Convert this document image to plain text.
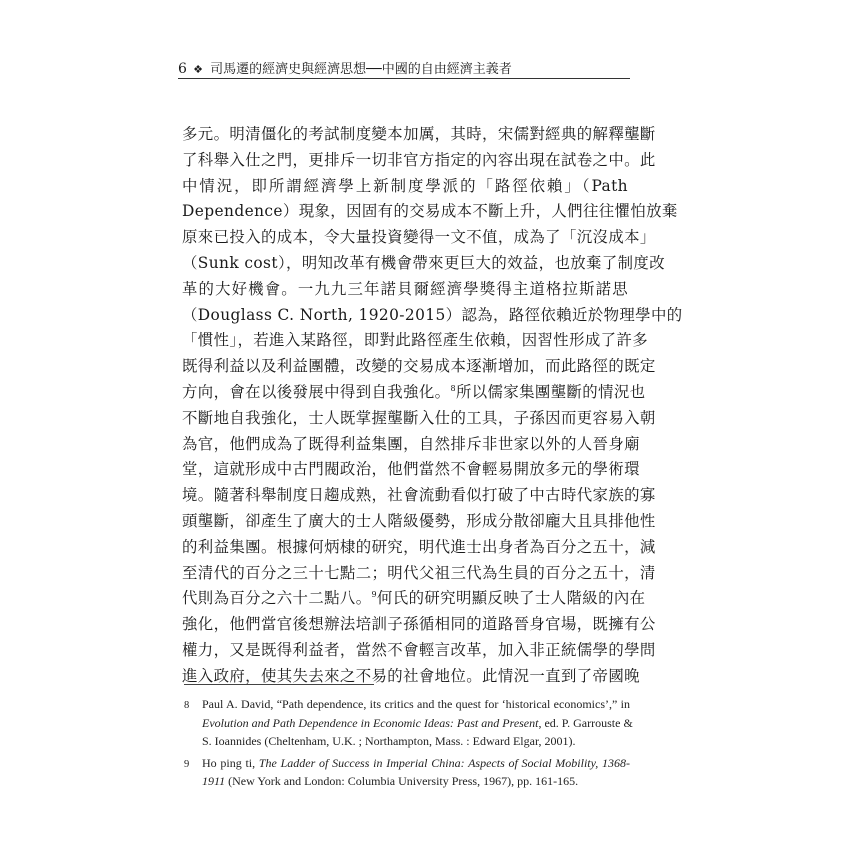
6 ❖ 司馬遷的經濟史與經濟思想──中國的自由經濟主義者
多元。明清僵化的考試制度變本加厲，其時，宋儒對經典的解釋壟斷
了科舉入仕之門，更排斥一切非官方指定的內容出現在試卷之中。此
中情況，即所謂經濟學上新制度學派的「路徑依賴」（Path
Dependence）現象，因固有的交易成本不斷上升，人們往往懼怕放棄
原來已投入的成本，令大量投資變得一文不值，成為了「沉沒成本」
（Sunk cost），明知改革有機會帶來更巨大的效益，也放棄了制度改
革的大好機會。一九九三年諾貝爾經濟學獎得主道格拉斯諾思
（Douglass C. North, 1920-2015）認為，路徑依賴近於物理學中的
「慣性」，若進入某路徑，即對此路徑產生依賴，因習性形成了許多
既得利益以及利益團體，改變的交易成本逐漸增加，而此路徑的既定
方向，會在以後發展中得到自我強化。$^8$所以儒家集團壟斷的情況也
不斷地自我強化，士人既掌握壟斷入仕的工具，子孫因而更容易入朝
為官，他們成為了既得利益集團，自然排斥非世家以外的人晉身廟
堂，這就形成中古門閥政治，他們當然不會輕易開放多元的學術環
境。隨著科舉制度日趨成熟，社會流動看似打破了中古時代家族的寡
頭壟斷，卻產生了廣大的士人階級優勢，形成分散卻龐大且具排他性
的利益集團。根據何炳棣的研究，明代進士出身者為百分之五十，減
至清代的百分之三十七點二；明代父祖三代為生員的百分之五十，清
代則為百分之六十二點八。$^9$何氏的研究明顯反映了士人階級的內在
強化，他們當官後想辦法培訓子孫循相同的道路晉身官場，既擁有公
權力，又是既得利益者，當然不會輕言改革，加入非正統儒學的學問
進入政府，使其失去來之不易的社會地位。此情況一直到了帝國晚
8 Paul A. David, “Path dependence, its critics and the quest for ‘historical economics’,” in
Evolution and Path Dependence in Economic Ideas: Past and Present, ed. P. Garrouste &
S. Ioannides (Cheltenham, U.K. ; Northampton, Mass. : Edward Elgar, 2001).
9 Ho ping ti, The Ladder of Success in Imperial China: Aspects of Social Mobility, 1368-
1911 (New York and London: Columbia University Press, 1967), pp. 161-165.
